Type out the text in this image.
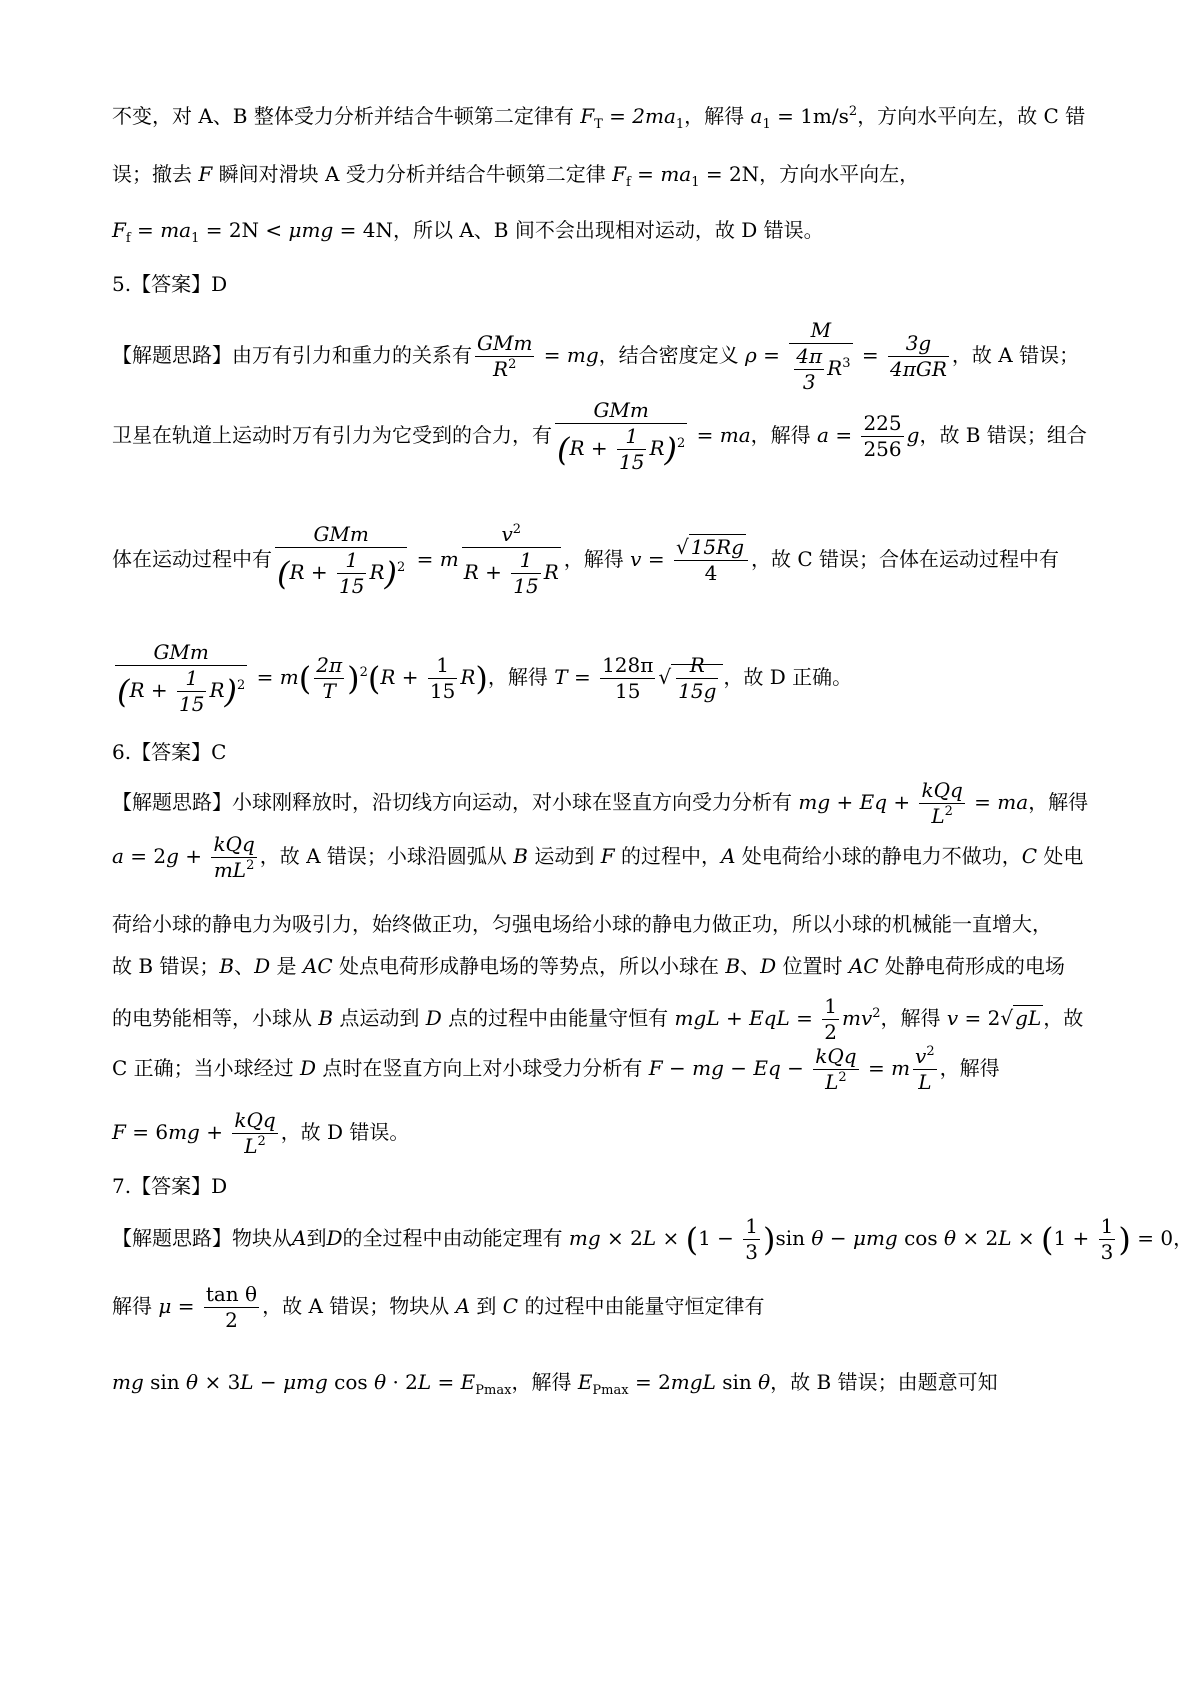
不变，对 A、B 整体受力分析并结合牛顿第二定律有 $F_T = 2ma_1$，解得 $a_1 = 1m/s^2$，方向水平向左，故 C 错
误；撤去 F 瞬间对滑块 A 受力分析并结合牛顿第二定律 $F_f = ma_1 = 2N$，方向水平向左，
$F_f = ma_1 = 2N < \mu mg = 4N$，所以 A、B 间不会出现相对运动，故 D 错误。
5.【答案】D
【解题思路】由万有引力和重力的关系有 $\frac{\text{GMm}}{R^2}$ = mg，结合密度定义 $\rho = \frac{M}{\frac{4\pi}{3} R^3} = \frac{3g}{\text{4πGR}}$ ，故 A 错误；
卫星在轨道上运动时万有引力为它受到的合力，有 $\frac{\text{GMm}}{(R + \frac{1}{15} R)^2}$ = ma，解得 $a = \frac{225}{256}$ g，故 B 错误；组合
体在运动过程中有 $\frac{\text{GMm}}{(R + \frac{1}{15} R)^2} = m \frac{v^2}{R + \frac{1}{15} R}$ ，解得 $v = \frac{√ 15Rg}{4}$ ，故 C 错误；合体在运动过程中有
$\frac{\text{GMm}}{(R + \frac{1}{15} R)^2} = m( \frac{2\pi}{T} )^2(R + \frac{1}{15} R)$，解得 $T = \frac{128\pi}{15}$ √ $\frac{R}{15g}$ ，故 D 正确。
6.【答案】C
【解题思路】小球刚释放时，沿切线方向运动，对小球在竖直方向受力分析有 mg + $Eq + \frac{\text{kQq}}{L^2}$ = ma，解得
$a = 2g + \frac{\text{kQq}}{mL^2}$ ，故 A 错误；小球沿圆弧从 B 运动到 F 的过程中，A 处电荷给小球的静电力不做功，C 处电
荷给小球的静电力为吸引力，始终做正功，匀强电场给小球的静电力做正功，所以小球的机械能一直增大，
故 B 错误；B、D 是 AC 处点电荷形成静电场的等势点，所以小球在 B、D 位置时 AC 处静电荷形成的电场
的电势能相等，小球从 B 点运动到 D 点的过程中由能量守恒有 mgL + EqL = $\frac{1}{2} mv^2$，解得 v = 2√ gL ，故
C 正确；当小球经过 D 点时在竖直方向上对小球受力分析有 F − mg − $Eq - \frac{\text{kQq}}{L^2} = m \frac{v^2}{L}$ ，解得
$F = 6mg + \frac{\text{kQq}}{L^2}$ ，故 D 错误。
7.【答案】D
【解题思路】物块从A到D的全过程中由动能定理有 mg × $2L \times (1 - \frac{1}{3} )\sin$ θ − μmg $\cos \theta \times 2L \times (1 + \frac{1}{3}$ ) = 0，
解得 $\mu = \frac{\text{tan θ}}{2}$ ，故 A 错误；物块从 A 到 C 的过程中由能量守恒定律有
mg sin θ × 3L − μmg $\cos \theta \cdot 2L = E_{Pmax}$，解得 $E_{Pmax} = 2mgL$ sin θ，故 B 错误；由题意可知
